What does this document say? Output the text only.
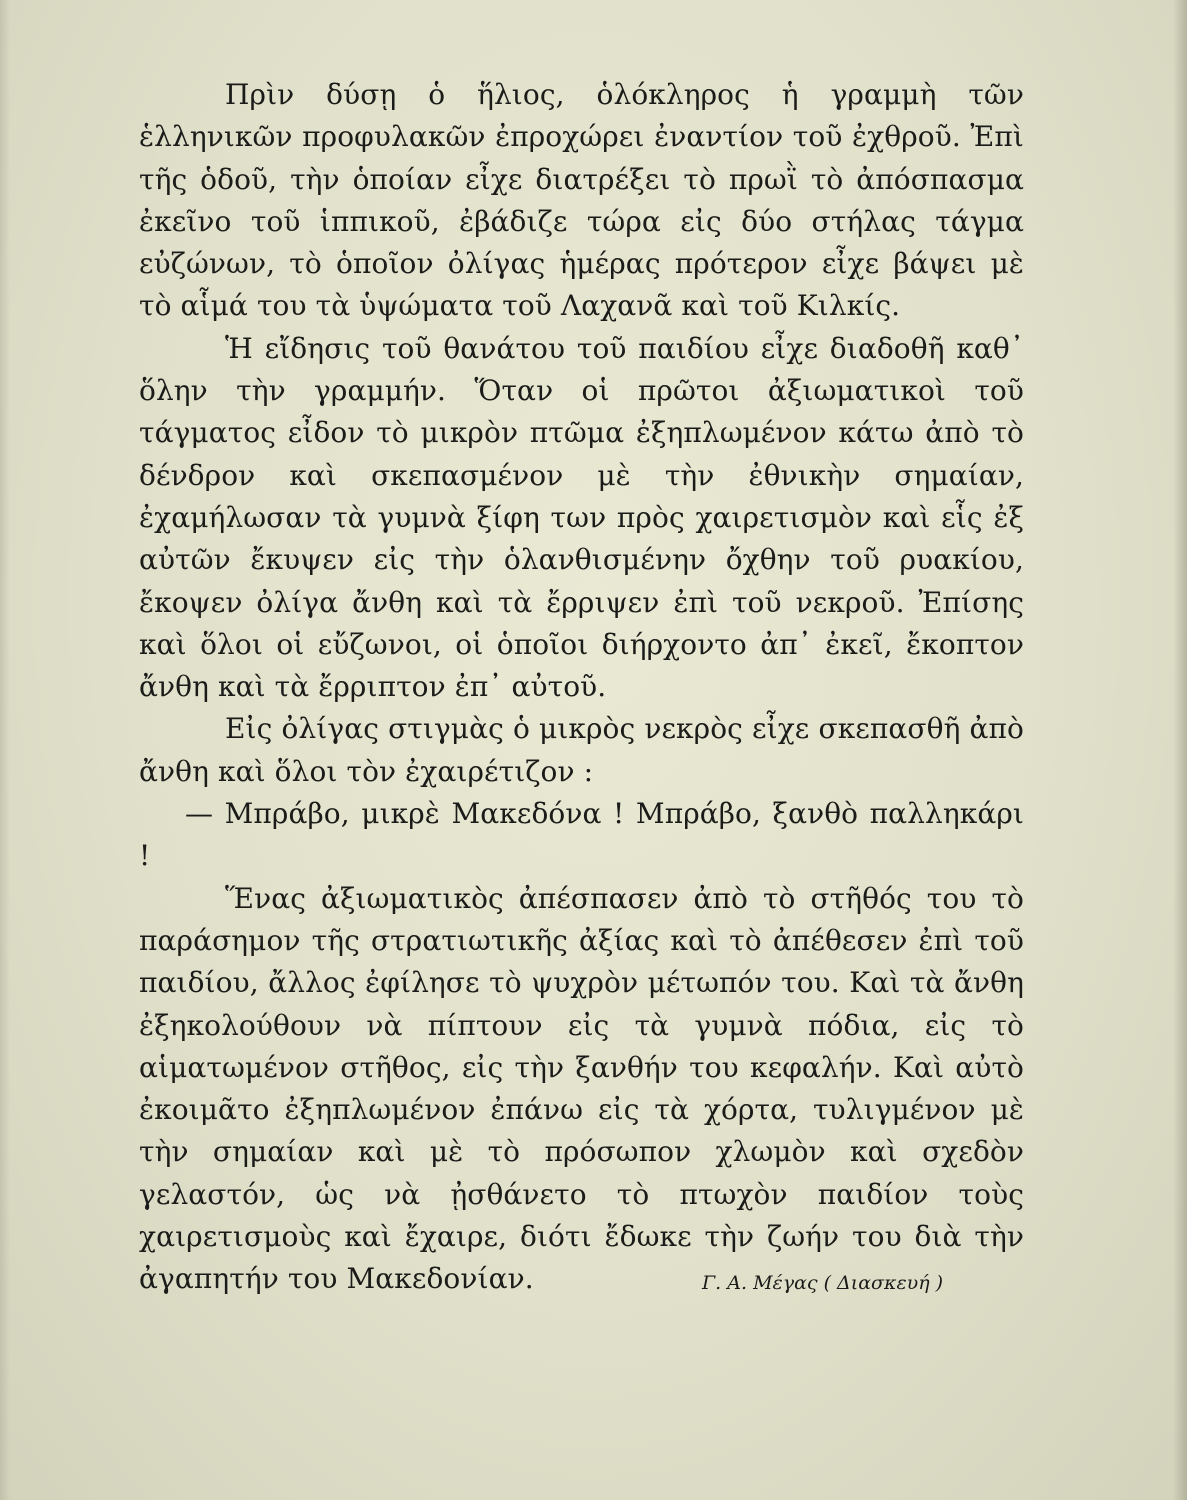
Πρὶν δύσῃ ὁ ἥλιος, ὁλόκληρος ἡ γραμμὴ τῶν ἑλληνικῶν προφυλακῶν ἐπροχώρει ἐναντίον τοῦ ἐχθροῦ. Ἐπὶ τῆς ὁδοῦ, τὴν ὁποίαν εἶχε διατρέξει τὸ πρωῒ τὸ ἀπόσπασμα ἐκεῖνο τοῦ ἱππικοῦ, ἐβάδιζε τώρα εἰς δύο στήλας τάγμα εὐζώνων, τὸ ὁποῖον ὀλίγας ἡμέρας πρότερον εἶχε βάψει μὲ τὸ αἷμά του τὰ ὑψώματα τοῦ Λαχανᾶ καὶ τοῦ Κιλκίς.

Ἡ εἴδησις τοῦ θανάτου τοῦ παιδίου εἶχε διαδοθῆ καθ᾽ ὅλην τὴν γραμμήν. Ὅταν οἱ πρῶτοι ἀξιωματικοὶ τοῦ τάγματος εἶδον τὸ μικρὸν πτῶμα ἐξηπλωμένον κάτω ἀπὸ τὸ δένδρον καὶ σκεπασμένον μὲ τὴν ἐθνικὴν σημαίαν, ἐχαμήλωσαν τὰ γυμνὰ ξίφη των πρὸς χαιρετισμὸν καὶ εἷς ἐξ αὐτῶν ἔκυψεν εἰς τὴν ὁλανθισμένην ὄχθην τοῦ ρυακίου, ἔκοψεν ὀλίγα ἄνθη καὶ τὰ ἔρριψεν ἐπὶ τοῦ νεκροῦ. Ἐπίσης καὶ ὅλοι οἱ εὔζωνοι, οἱ ὁποῖοι διήρχοντο ἀπ᾽ ἐκεῖ, ἔκοπτον ἄνθη καὶ τὰ ἔρριπτον ἐπ᾽ αὐτοῦ.

Εἰς ὀλίγας στιγμὰς ὁ μικρὸς νεκρὸς εἶχε σκεπασθῆ ἀπὸ ἄνθη καὶ ὅλοι τὸν ἐχαιρέτιζον :

— Μπράβο, μικρὲ Μακεδόνα ! Μπράβο, ξανθὸ παλληκάρι !

Ἕνας ἀξιωματικὸς ἀπέσπασεν ἀπὸ τὸ στῆθός του τὸ παράσημον τῆς στρατιωτικῆς ἀξίας καὶ τὸ ἀπέθεσεν ἐπὶ τοῦ παιδίου, ἄλλος ἐφίλησε τὸ ψυχρὸν μέτωπόν του. Καὶ τὰ ἄνθη ἐξηκολούθουν νὰ πίπτουν εἰς τὰ γυμνὰ πόδια, εἰς τὸ αἱματωμένον στῆθος, εἰς τὴν ξανθήν του κεφαλήν. Καὶ αὐτὸ ἐκοιμᾶτο ἐξηπλωμένον ἐπάνω εἰς τὰ χόρτα, τυλιγμένον μὲ τὴν σημαίαν καὶ μὲ τὸ πρόσωπον χλωμὸν καὶ σχεδὸν γελαστόν, ὡς νὰ ᾐσθάνετο τὸ πτωχὸν παιδίον τοὺς χαιρετισμοὺς καὶ ἔχαιρε, διότι ἔδωκε τὴν ζωήν του διὰ τὴν ἀγαπητήν του Μακεδονίαν.	Γ. Α. Μέγας ( Διασκευή )
